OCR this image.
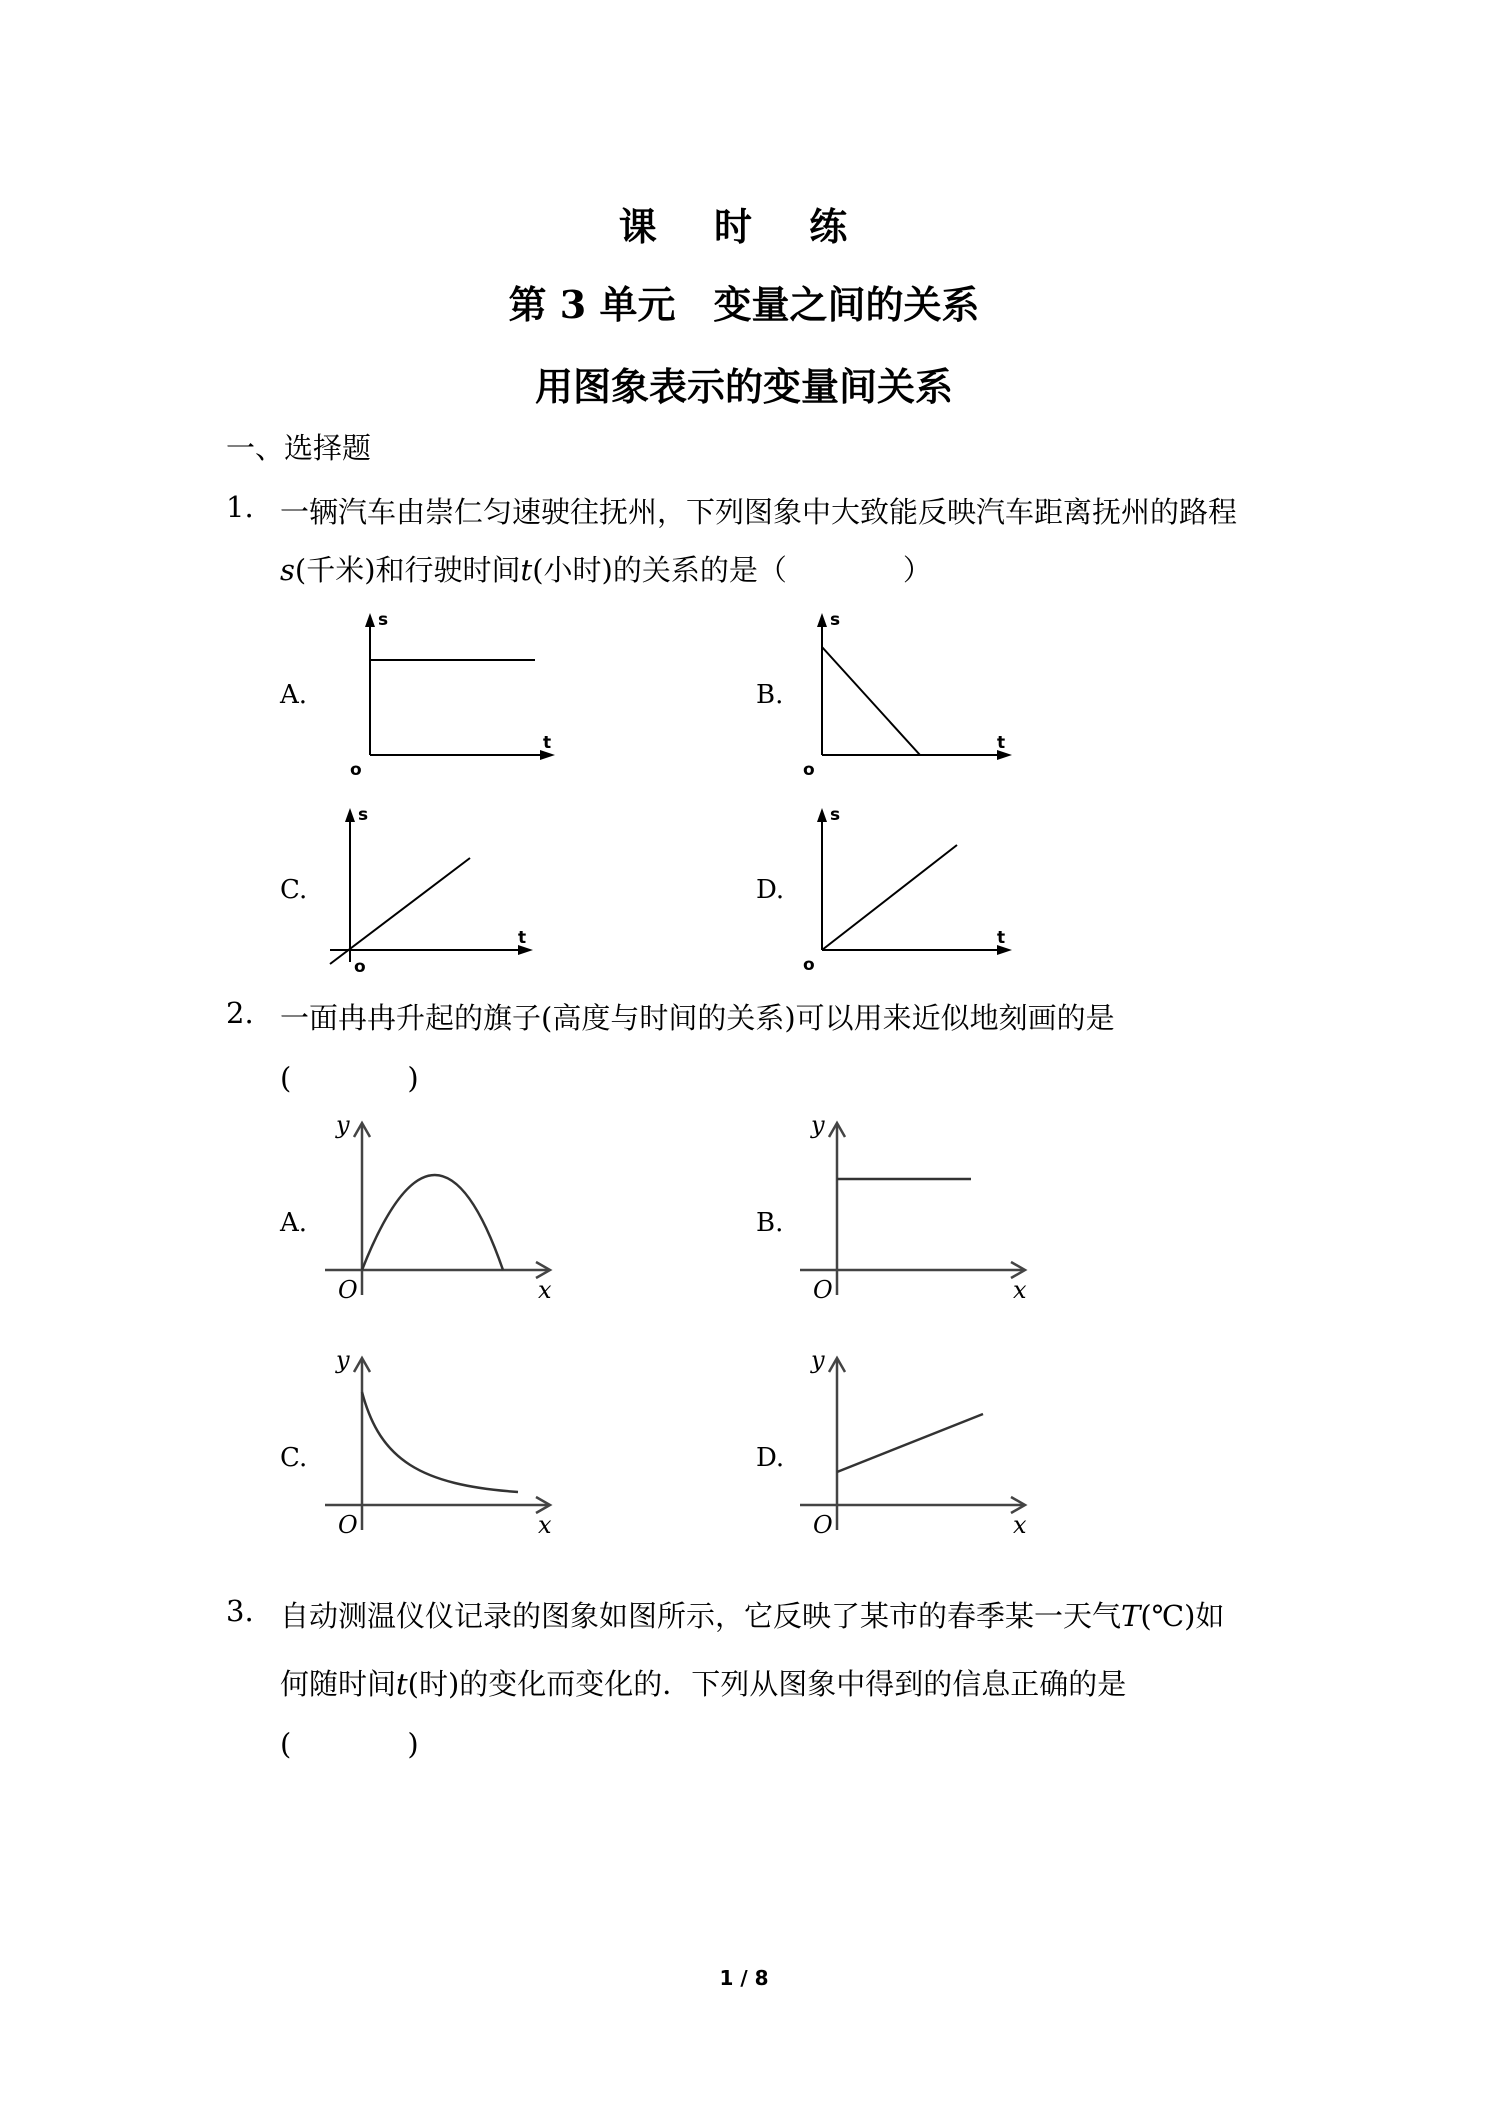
课 时 练
第 3 单元　变量之间的关系
用图象表示的变量间关系
一、选择题
1. 一辆汽车由崇仁匀速驶往抚州，下列图象中大致能反映汽车距离抚州的路程
s(千米)和行驶时间t(小时)的关系的是（　　　　）
A.	B.
C.	D.
s
t
o
s
t
o
s
t
o
s
t
o
2. 一面冉冉升起的旗子(高度与时间的关系)可以用来近似地刻画的是
(　　　　)
A.	B.
C.	D.
y
x
O
y
x
O
y
x
O
y
x
O
3. 自动测温仪仪记录的图象如图所示，它反映了某市的春季某一天气T(℃)如
何随时间t(时)的变化而变化的．下列从图象中得到的信息正确的是
(　　　　)
1 / 8
